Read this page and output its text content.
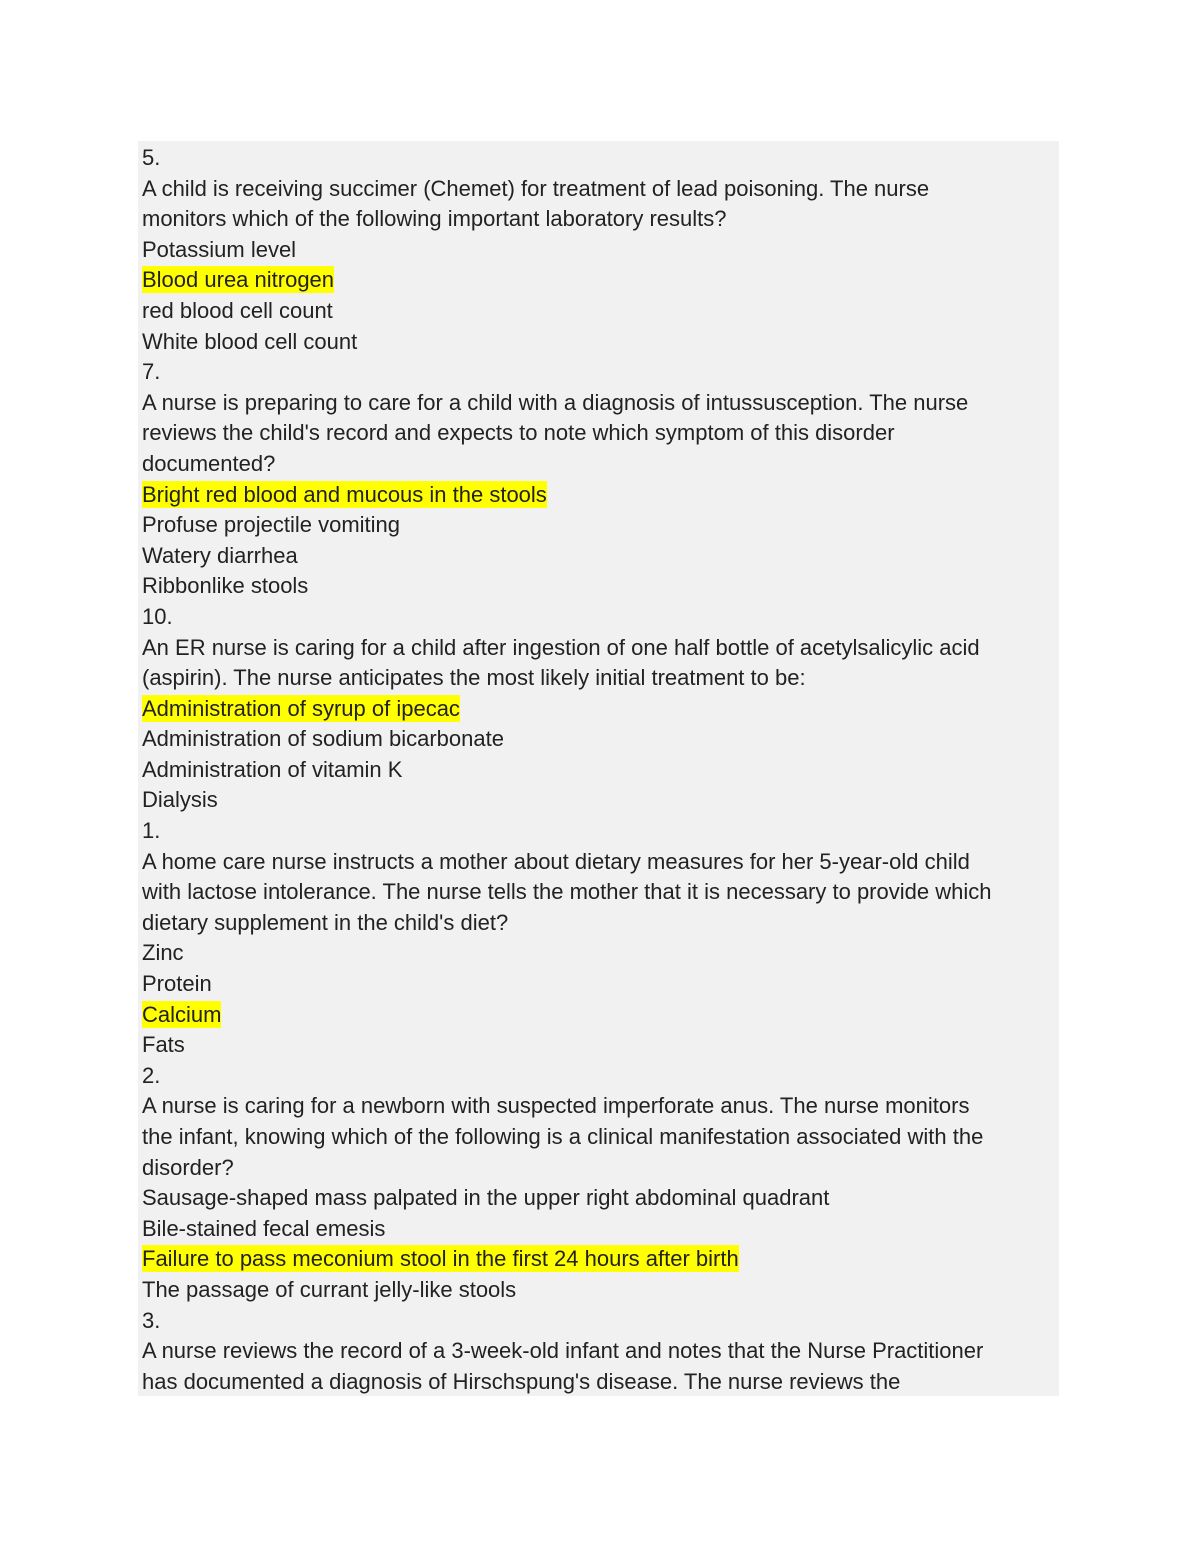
5.
A child is receiving succimer (Chemet) for treatment of lead poisoning. The nurse
monitors which of the following important laboratory results?
Potassium level
Blood urea nitrogen
red blood cell count
White blood cell count
7.
A nurse is preparing to care for a child with a diagnosis of intussusception. The nurse
reviews the child's record and expects to note which symptom of this disorder
documented?
Bright red blood and mucous in the stools
Profuse projectile vomiting
Watery diarrhea
Ribbonlike stools
10.
An ER nurse is caring for a child after ingestion of one half bottle of acetylsalicylic acid
(aspirin). The nurse anticipates the most likely initial treatment to be:
Administration of syrup of ipecac
Administration of sodium bicarbonate
Administration of vitamin K
Dialysis
1.
A home care nurse instructs a mother about dietary measures for her 5-year-old child
with lactose intolerance. The nurse tells the mother that it is necessary to provide which
dietary supplement in the child's diet?
Zinc
Protein
Calcium
Fats
2.
A nurse is caring for a newborn with suspected imperforate anus. The nurse monitors
the infant, knowing which of the following is a clinical manifestation associated with the
disorder?
Sausage-shaped mass palpated in the upper right abdominal quadrant
Bile-stained fecal emesis
Failure to pass meconium stool in the first 24 hours after birth
The passage of currant jelly-like stools
3.
A nurse reviews the record of a 3-week-old infant and notes that the Nurse Practitioner
has documented a diagnosis of Hirschspung's disease. The nurse reviews the
